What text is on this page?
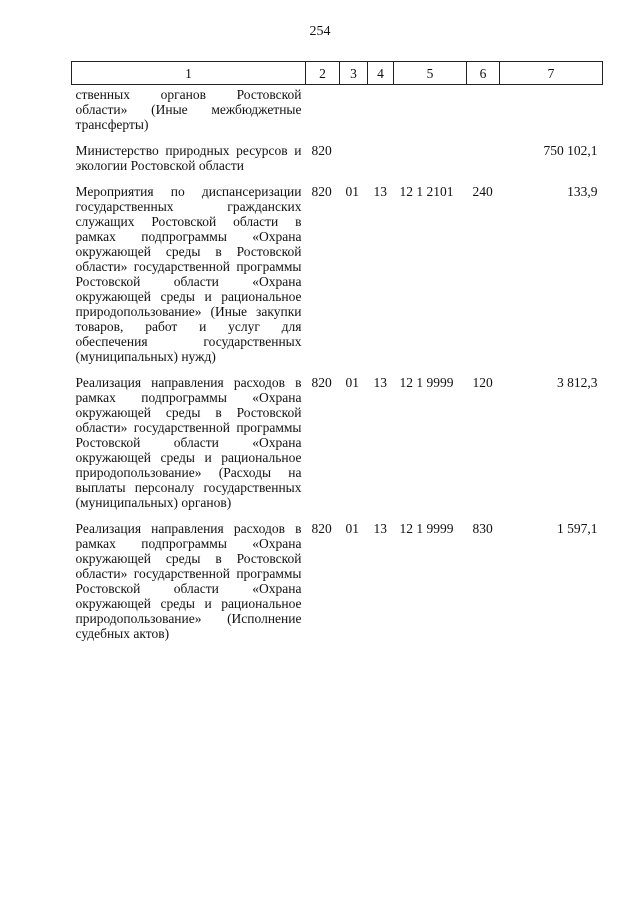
254
1	2	3	4	5	6	7
ственных органов Ростовской области» (Иные межбюджетные трансферты)						
Министерство природных ресурсов и экологии Ростовской области	820					750 102,1
Мероприятия по диспансеризации государственных гражданских служащих Ростовской области в рамках подпрограммы «Охрана окружающей среды в Ростовской области» государственной программы Ростовской области «Охрана окружающей среды и рациональное природопользование» (Иные закупки товаров, работ и услуг для обеспечения государственных (муниципальных) нужд)	820	01	13	12 1 2101	240	133,9
Реализация направления расходов в рамках подпрограммы «Охрана окружающей среды в Ростовской области» государственной программы Ростовской области «Охрана окружающей среды и рациональное природопользование» (Расходы на выплаты персоналу государственных (муниципальных) органов)	820	01	13	12 1 9999	120	3 812,3
Реализация направления расходов в рамках подпрограммы «Охрана окружающей среды в Ростовской области» государственной программы Ростовской области «Охрана окружающей среды и рациональное природопользование» (Исполнение судебных актов)	820	01	13	12 1 9999	830	1 597,1
